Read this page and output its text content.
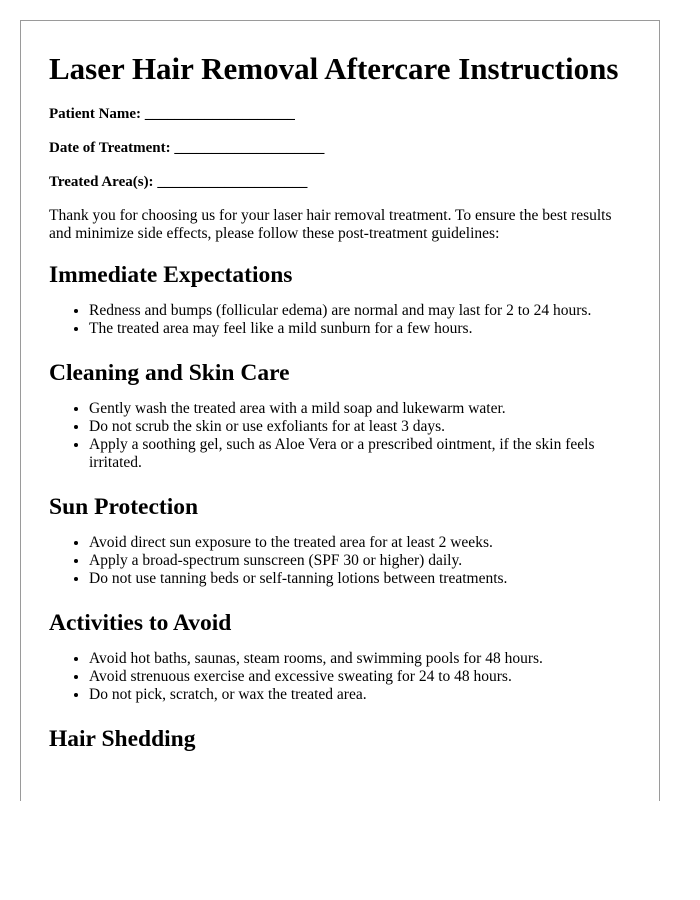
Laser Hair Removal Aftercare Instructions

Patient Name: ____________________

Date of Treatment: ____________________

Treated Area(s): ____________________

Thank you for choosing us for your laser hair removal treatment. To ensure the best results and minimize side effects, please follow these post-treatment guidelines:

Immediate Expectations
• Redness and bumps (follicular edema) are normal and may last for 2 to 24 hours.
• The treated area may feel like a mild sunburn for a few hours.
Cleaning and Skin Care
• Gently wash the treated area with a mild soap and lukewarm water.
• Do not scrub the skin or use exfoliants for at least 3 days.
• Apply a soothing gel, such as Aloe Vera or a prescribed ointment, if the skin feels irritated.
Sun Protection
• Avoid direct sun exposure to the treated area for at least 2 weeks.
• Apply a broad-spectrum sunscreen (SPF 30 or higher) daily.
• Do not use tanning beds or self-tanning lotions between treatments.
Activities to Avoid
• Avoid hot baths, saunas, steam rooms, and swimming pools for 48 hours.
• Avoid strenuous exercise and excessive sweating for 24 to 48 hours.
• Do not pick, scratch, or wax the treated area.
Hair Shedding
